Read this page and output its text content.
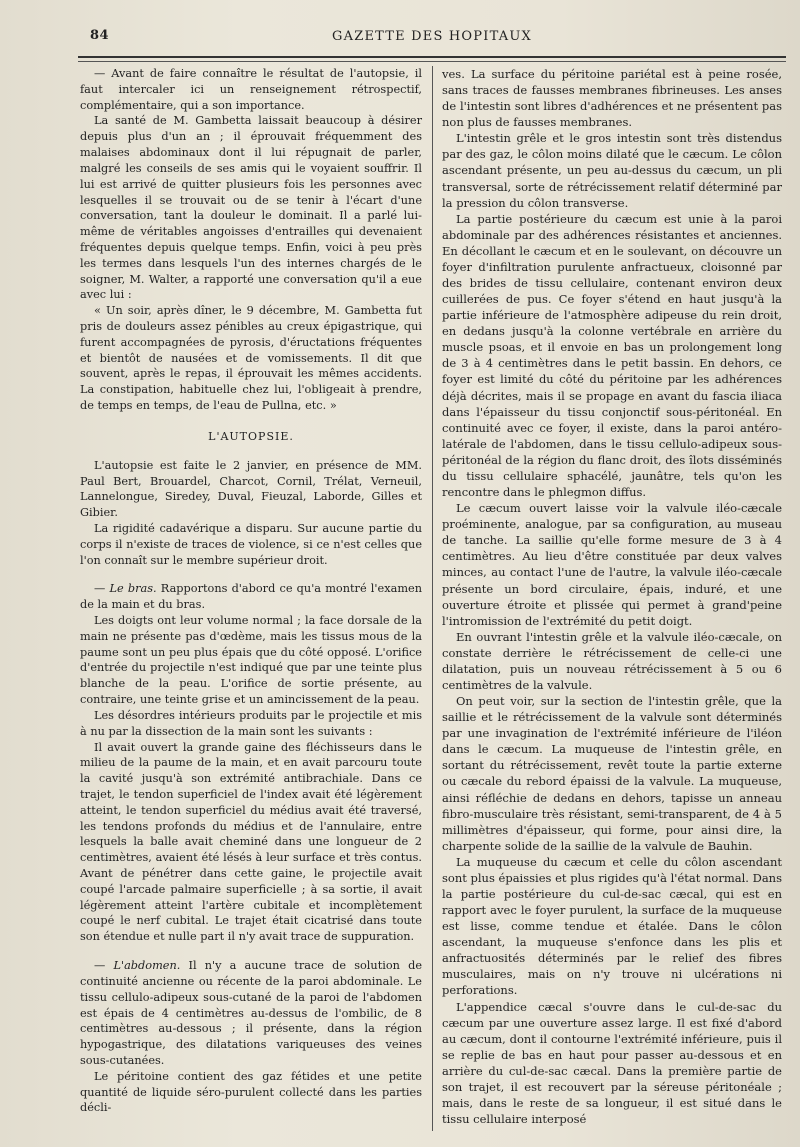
84	GAZETTE DES HOPITAUX

— Avant de faire connaître le résultat de l'autopsie, il faut intercaler ici un renseignement rétrospectif, complémentaire, qui a son importance.

La santé de M. Gambetta laissait beaucoup à désirer depuis plus d'un an ; il éprouvait fréquemment des malaises abdominaux dont il lui répugnait de parler, malgré les conseils de ses amis qui le voyaient souffrir. Il lui est arrivé de quitter plusieurs fois les personnes avec lesquelles il se trouvait ou de se tenir à l'écart d'une conversation, tant la douleur le dominait. Il a parlé lui-même de véritables angoisses d'entrailles qui devenaient fréquentes depuis quelque temps. Enfin, voici à peu près les termes dans lesquels l'un des internes chargés de le soigner, M. Walter, a rapporté une conversation qu'il a eue avec lui :

« Un soir, après dîner, le 9 décembre, M. Gambetta fut pris de douleurs assez pénibles au creux épigastrique, qui furent accompagnées de pyrosis, d'éructations fréquentes et bientôt de nausées et de vomissements. Il dit que souvent, après le repas, il éprouvait les mêmes accidents. La constipation, habituelle chez lui, l'obligeait à prendre, de temps en temps, de l'eau de Pullna, etc. »

L'AUTOPSIE.

L'autopsie est faite le 2 janvier, en présence de MM. Paul Bert, Brouardel, Charcot, Cornil, Trélat, Verneuil, Lannelongue, Siredey, Duval, Fieuzal, Laborde, Gilles et Gibier.

La rigidité cadavérique a disparu. Sur aucune partie du corps il n'existe de traces de violence, si ce n'est celles que l'on connaît sur le membre supérieur droit.

— Le bras. Rapportons d'abord ce qu'a montré l'examen de la main et du bras.

Les doigts ont leur volume normal ; la face dorsale de la main ne présente pas d'œdème, mais les tissus mous de la paume sont un peu plus épais que du côté opposé. L'orifice d'entrée du projectile n'est indiqué que par une teinte plus blanche de la peau. L'orifice de sortie présente, au contraire, une teinte grise et un amincissement de la peau.

Les désordres intérieurs produits par le projectile et mis à nu par la dissection de la main sont les suivants :

Il avait ouvert la grande gaine des fléchisseurs dans le milieu de la paume de la main, et en avait parcouru toute la cavité jusqu'à son extrémité antibrachiale. Dans ce trajet, le tendon superficiel de l'index avait été légèrement atteint, le tendon superficiel du médius avait été traversé, les tendons profonds du médius et de l'annulaire, entre lesquels la balle avait cheminé dans une longueur de 2 centimètres, avaient été lésés à leur surface et très contus. Avant de pénétrer dans cette gaine, le projectile avait coupé l'arcade palmaire superficielle ; à sa sortie, il avait légèrement atteint l'artère cubitale et incomplètement coupé le nerf cubital. Le trajet était cicatrisé dans toute son étendue et nulle part il n'y avait trace de suppuration.

— L'abdomen. Il n'y a aucune trace de solution de continuité ancienne ou récente de la paroi abdominale. Le tissu cellulo-adipeux sous-cutané de la paroi de l'abdomen est épais de 4 centimètres au-dessus de l'ombilic, de 8 centimètres au-dessous ; il présente, dans la région hypogastrique, des dilatations variqueuses des veines sous-cutanées.

Le péritoine contient des gaz fétides et une petite quantité de liquide séro-purulent collecté dans les parties décli-

ves. La surface du péritoine pariétal est à peine rosée, sans traces de fausses membranes fibrineuses. Les anses de l'intestin sont libres d'adhérences et ne présentent pas non plus de fausses membranes.

L'intestin grêle et le gros intestin sont très distendus par des gaz, le côlon moins dilaté que le cæcum. Le côlon ascendant présente, un peu au-dessus du cæcum, un pli transversal, sorte de rétrécissement relatif déterminé par la pression du côlon transverse.

La partie postérieure du cæcum est unie à la paroi abdominale par des adhérences résistantes et anciennes. En décollant le cæcum et en le soulevant, on découvre un foyer d'infiltration purulente anfractueux, cloisonné par des brides de tissu cellulaire, contenant environ deux cuillerées de pus. Ce foyer s'étend en haut jusqu'à la partie inférieure de l'atmosphère adipeuse du rein droit, en dedans jusqu'à la colonne vertébrale en arrière du muscle psoas, et il envoie en bas un prolongement long de 3 à 4 centimètres dans le petit bassin. En dehors, ce foyer est limité du côté du péritoine par les adhérences déjà décrites, mais il se propage en avant du fascia iliaca dans l'épaisseur du tissu conjonctif sous-péritonéal. En continuité avec ce foyer, il existe, dans la paroi antéro-latérale de l'abdomen, dans le tissu cellulo-adipeux sous-péritonéal de la région du flanc droit, des îlots disséminés du tissu cellulaire sphacélé, jaunâtre, tels qu'on les rencontre dans le phlegmon diffus.

Le cæcum ouvert laisse voir la valvule iléo-cæcale proéminente, analogue, par sa configuration, au museau de tanche. La saillie qu'elle forme mesure de 3 à 4 centimètres. Au lieu d'être constituée par deux valves minces, au contact l'une de l'autre, la valvule iléo-cæcale présente un bord circulaire, épais, induré, et une ouverture étroite et plissée qui permet à grand'peine l'intromission de l'extrémité du petit doigt.

En ouvrant l'intestin grêle et la valvule iléo-cæcale, on constate derrière le rétrécissement de celle-ci une dilatation, puis un nouveau rétrécissement à 5 ou 6 centimètres de la valvule.

On peut voir, sur la section de l'intestin grêle, que la saillie et le rétrécissement de la valvule sont déterminés par une invagination de l'extrémité inférieure de l'iléon dans le cæcum. La muqueuse de l'intestin grêle, en sortant du rétrécissement, revêt toute la partie externe ou cæcale du rebord épaissi de la valvule. La muqueuse, ainsi réfléchie de dedans en dehors, tapisse un anneau fibro-musculaire très résistant, semi-transparent, de 4 à 5 millimètres d'épaisseur, qui forme, pour ainsi dire, la charpente solide de la saillie de la valvule de Bauhin.

La muqueuse du cæcum et celle du côlon ascendant sont plus épaissies et plus rigides qu'à l'état normal. Dans la partie postérieure du cul-de-sac cæcal, qui est en rapport avec le foyer purulent, la surface de la muqueuse est lisse, comme tendue et étalée. Dans le côlon ascendant, la muqueuse s'enfonce dans les plis et anfractuosités déterminés par le relief des fibres musculaires, mais on n'y trouve ni ulcérations ni perforations.

L'appendice cæcal s'ouvre dans le cul-de-sac du cæcum par une ouverture assez large. Il est fixé d'abord au cæcum, dont il contourne l'extrémité inférieure, puis il se replie de bas en haut pour passer au-dessous et en arrière du cul-de-sac cæcal. Dans la première partie de son trajet, il est recouvert par la séreuse péritonéale ; mais, dans le reste de sa longueur, il est situé dans le tissu cellulaire interposé
